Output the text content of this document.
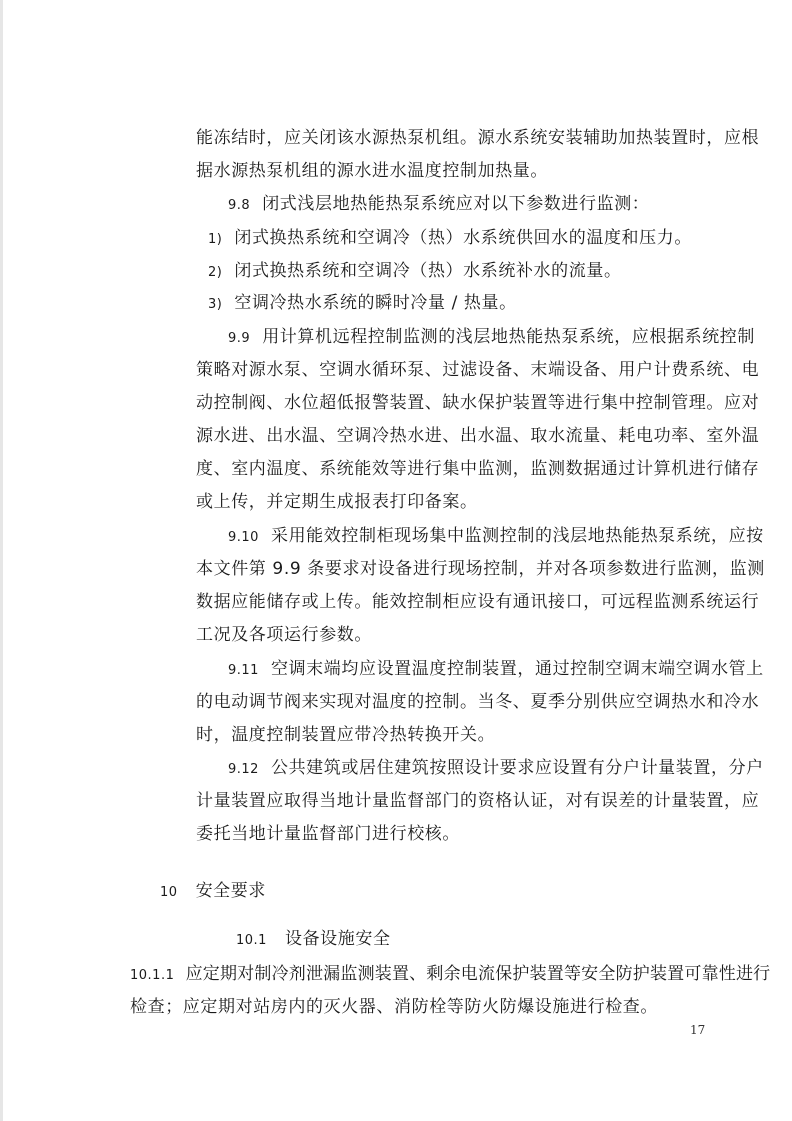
能冻结时，应关闭该水源热泵机组。源水系统安装辅助加热装置时，应根
据水源热泵机组的源水进水温度控制加热量。
9.8 闭式浅层地热能热泵系统应对以下参数进行监测：
1) 闭式换热系统和空调冷（热）水系统供回水的温度和压力。
2) 闭式换热系统和空调冷（热）水系统补水的流量。
3) 空调冷热水系统的瞬时冷量 / 热量。
9.9 用计算机远程控制监测的浅层地热能热泵系统，应根据系统控制
策略对源水泵、空调水循环泵、过滤设备、末端设备、用户计费系统、电
动控制阀、水位超低报警装置、缺水保护装置等进行集中控制管理。应对
源水进、出水温、空调冷热水进、出水温、取水流量、耗电功率、室外温
度、室内温度、系统能效等进行集中监测，监测数据通过计算机进行储存
或上传，并定期生成报表打印备案。
9.10 采用能效控制柜现场集中监测控制的浅层地热能热泵系统，应按
本文件第 9.9 条要求对设备进行现场控制，并对各项参数进行监测，监测
数据应能储存或上传。能效控制柜应设有通讯接口，可远程监测系统运行
工况及各项运行参数。
9.11 空调末端均应设置温度控制装置，通过控制空调末端空调水管上
的电动调节阀来实现对温度的控制。当冬、夏季分别供应空调热水和冷水
时，温度控制装置应带冷热转换开关。
9.12 公共建筑或居住建筑按照设计要求应设置有分户计量装置，分户
计量装置应取得当地计量监督部门的资格认证，对有误差的计量装置，应
委托当地计量监督部门进行校核。
10 安全要求
10.1 设备设施安全
10.1.1 应定期对制冷剂泄漏监测装置、剩余电流保护装置等安全防护装置可靠性进行
检查；应定期对站房内的灭火器、消防栓等防火防爆设施进行检查。
17
